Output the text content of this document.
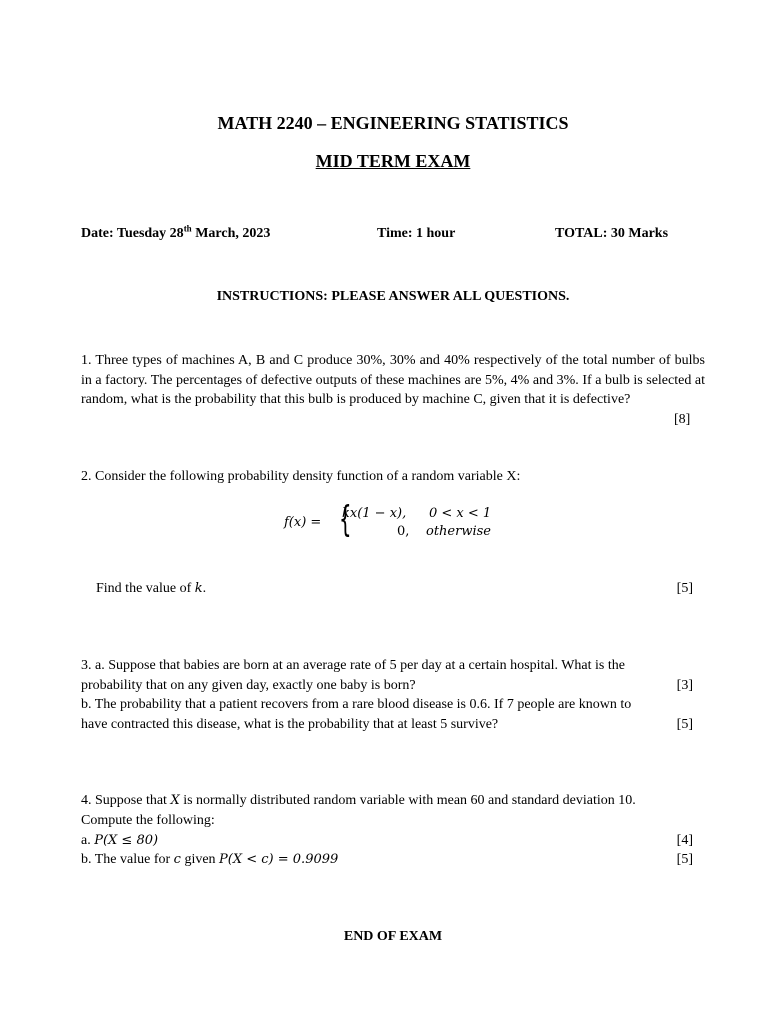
MATH 2240 – ENGINEERING STATISTICS
MID TERM EXAM
Date: Tuesday 28th March, 2023	Time: 1 hour	TOTAL: 30 Marks
INSTRUCTIONS: PLEASE ANSWER ALL QUESTIONS.
1. Three types of machines A, B and C produce 30%, 30% and 40% respectively of the total number of bulbs in a factory. The percentages of defective outputs of these machines are 5%, 4% and 3%. If a bulb is selected at random, what is the probability that this bulb is produced by machine C, given that it is defective?
[8]
2. Consider the following probability density function of a random variable X:
f(x) = {
kx(1 − x), 0 < x < 1
0, otherwise
Find the value of k.	[5]
3. a. Suppose that babies are born at an average rate of 5 per day at a certain hospital. What is the
probability that on any given day, exactly one baby is born?	[3]
b. The probability that a patient recovers from a rare blood disease is 0.6. If 7 people are known to
have contracted this disease, what is the probability that at least 5 survive?	[5]
4. Suppose that X is normally distributed random variable with mean 60 and standard deviation 10.
Compute the following:
a. P(X ≤ 80)	[4]
b. The value for c given P(X < c) = 0.9099	[5]
END OF EXAM
